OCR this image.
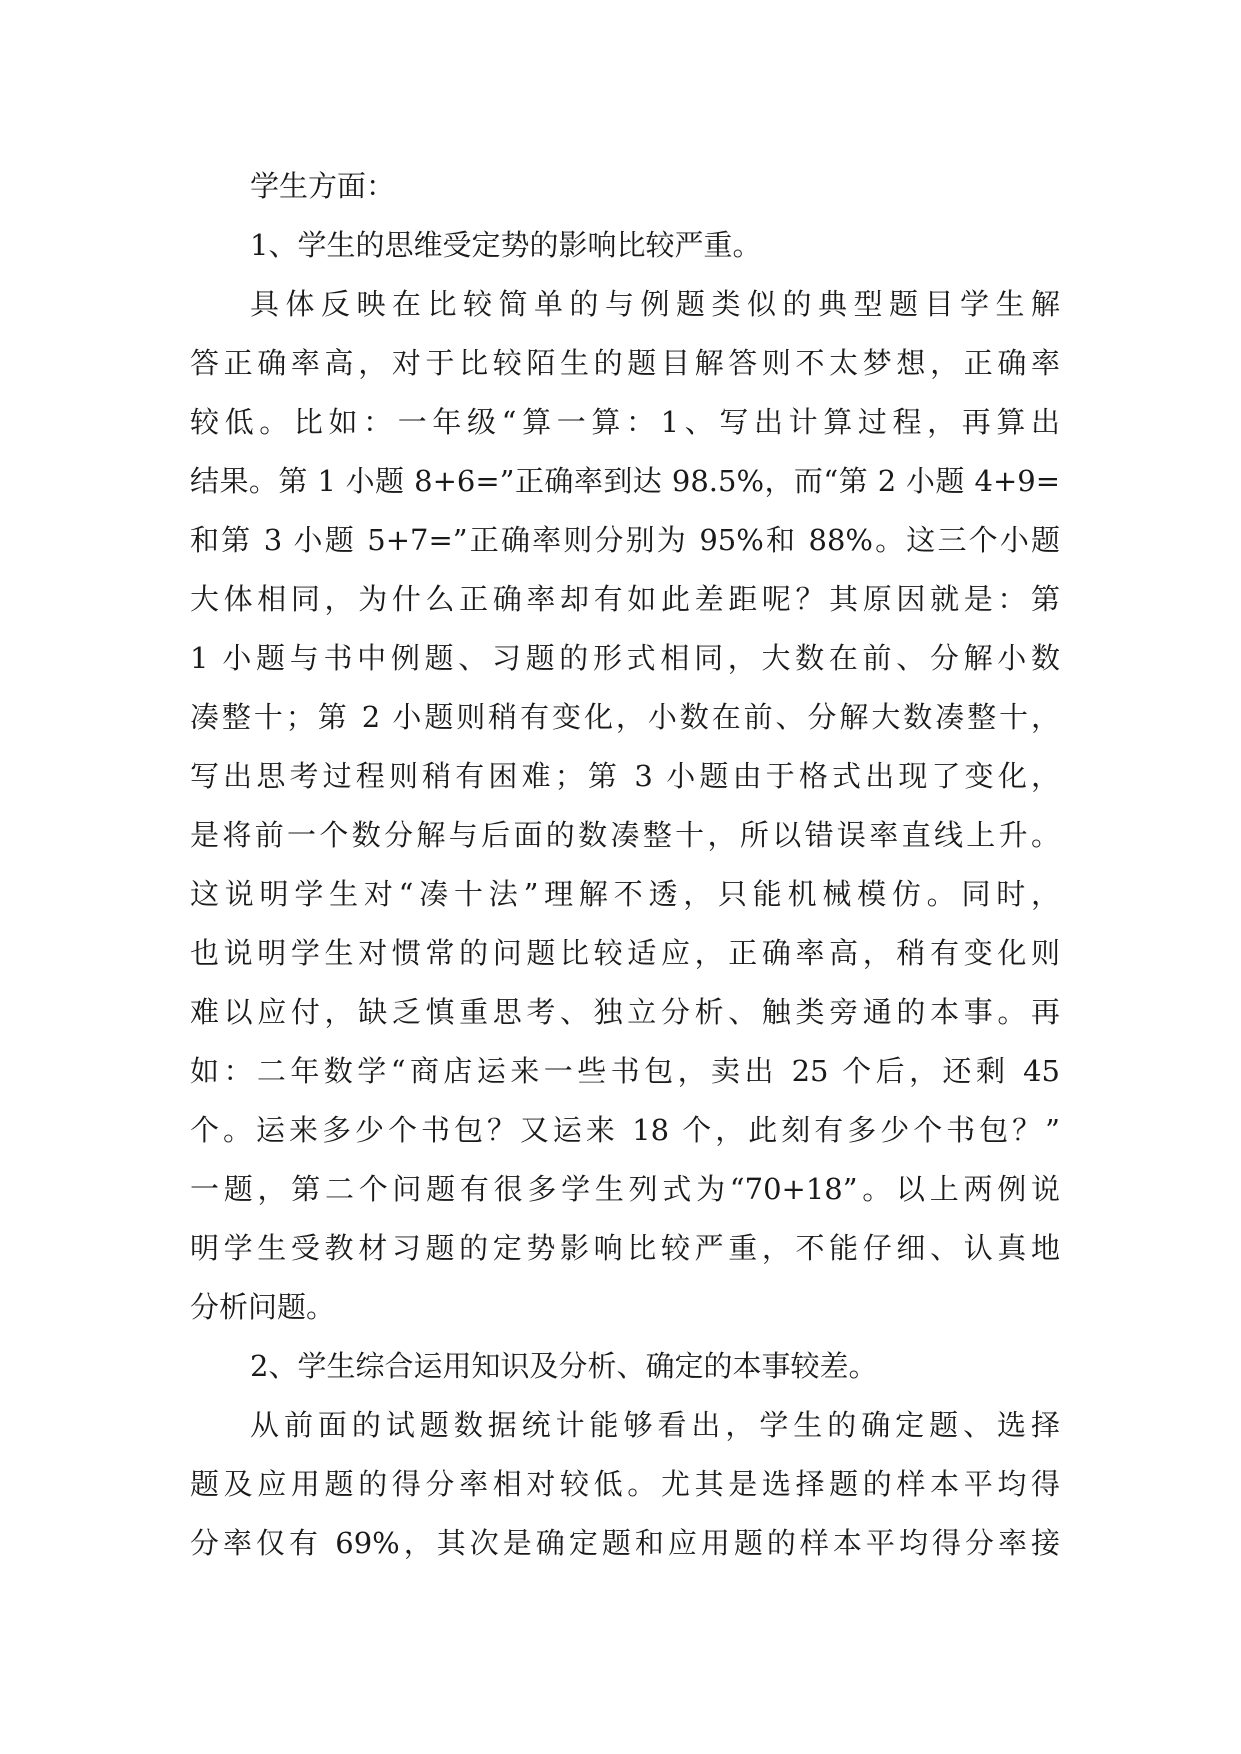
学生方面：
1、学生的思维受定势的影响比较严重。
具体反映在比较简单的与例题类似的典型题目学生解
答正确率高，对于比较陌生的题目解答则不太梦想，正确率
较低。比如：一年级“算一算：1、写出计算过程，再算出
结果。第 1 小题 8+6=”正确率到达 98.5%，而“第 2 小题 4+9=
和第 3 小题 5+7=”正确率则分别为 95%和 88%。这三个小题
大体相同，为什么正确率却有如此差距呢？其原因就是：第
1 小题与书中例题、习题的形式相同，大数在前、分解小数
凑整十；第 2 小题则稍有变化，小数在前、分解大数凑整十，
写出思考过程则稍有困难；第 3 小题由于格式出现了变化，
是将前一个数分解与后面的数凑整十，所以错误率直线上升。
这说明学生对“凑十法”理解不透，只能机械模仿。同时，
也说明学生对惯常的问题比较适应，正确率高，稍有变化则
难以应付，缺乏慎重思考、独立分析、触类旁通的本事。再
如：二年数学“商店运来一些书包，卖出 25 个后，还剩 45
个。运来多少个书包？又运来 18 个，此刻有多少个书包？”
一题，第二个问题有很多学生列式为“70+18”。以上两例说
明学生受教材习题的定势影响比较严重，不能仔细、认真地
分析问题。
2、学生综合运用知识及分析、确定的本事较差。
从前面的试题数据统计能够看出，学生的确定题、选择
题及应用题的得分率相对较低。尤其是选择题的样本平均得
分率仅有 69%，其次是确定题和应用题的样本平均得分率接
